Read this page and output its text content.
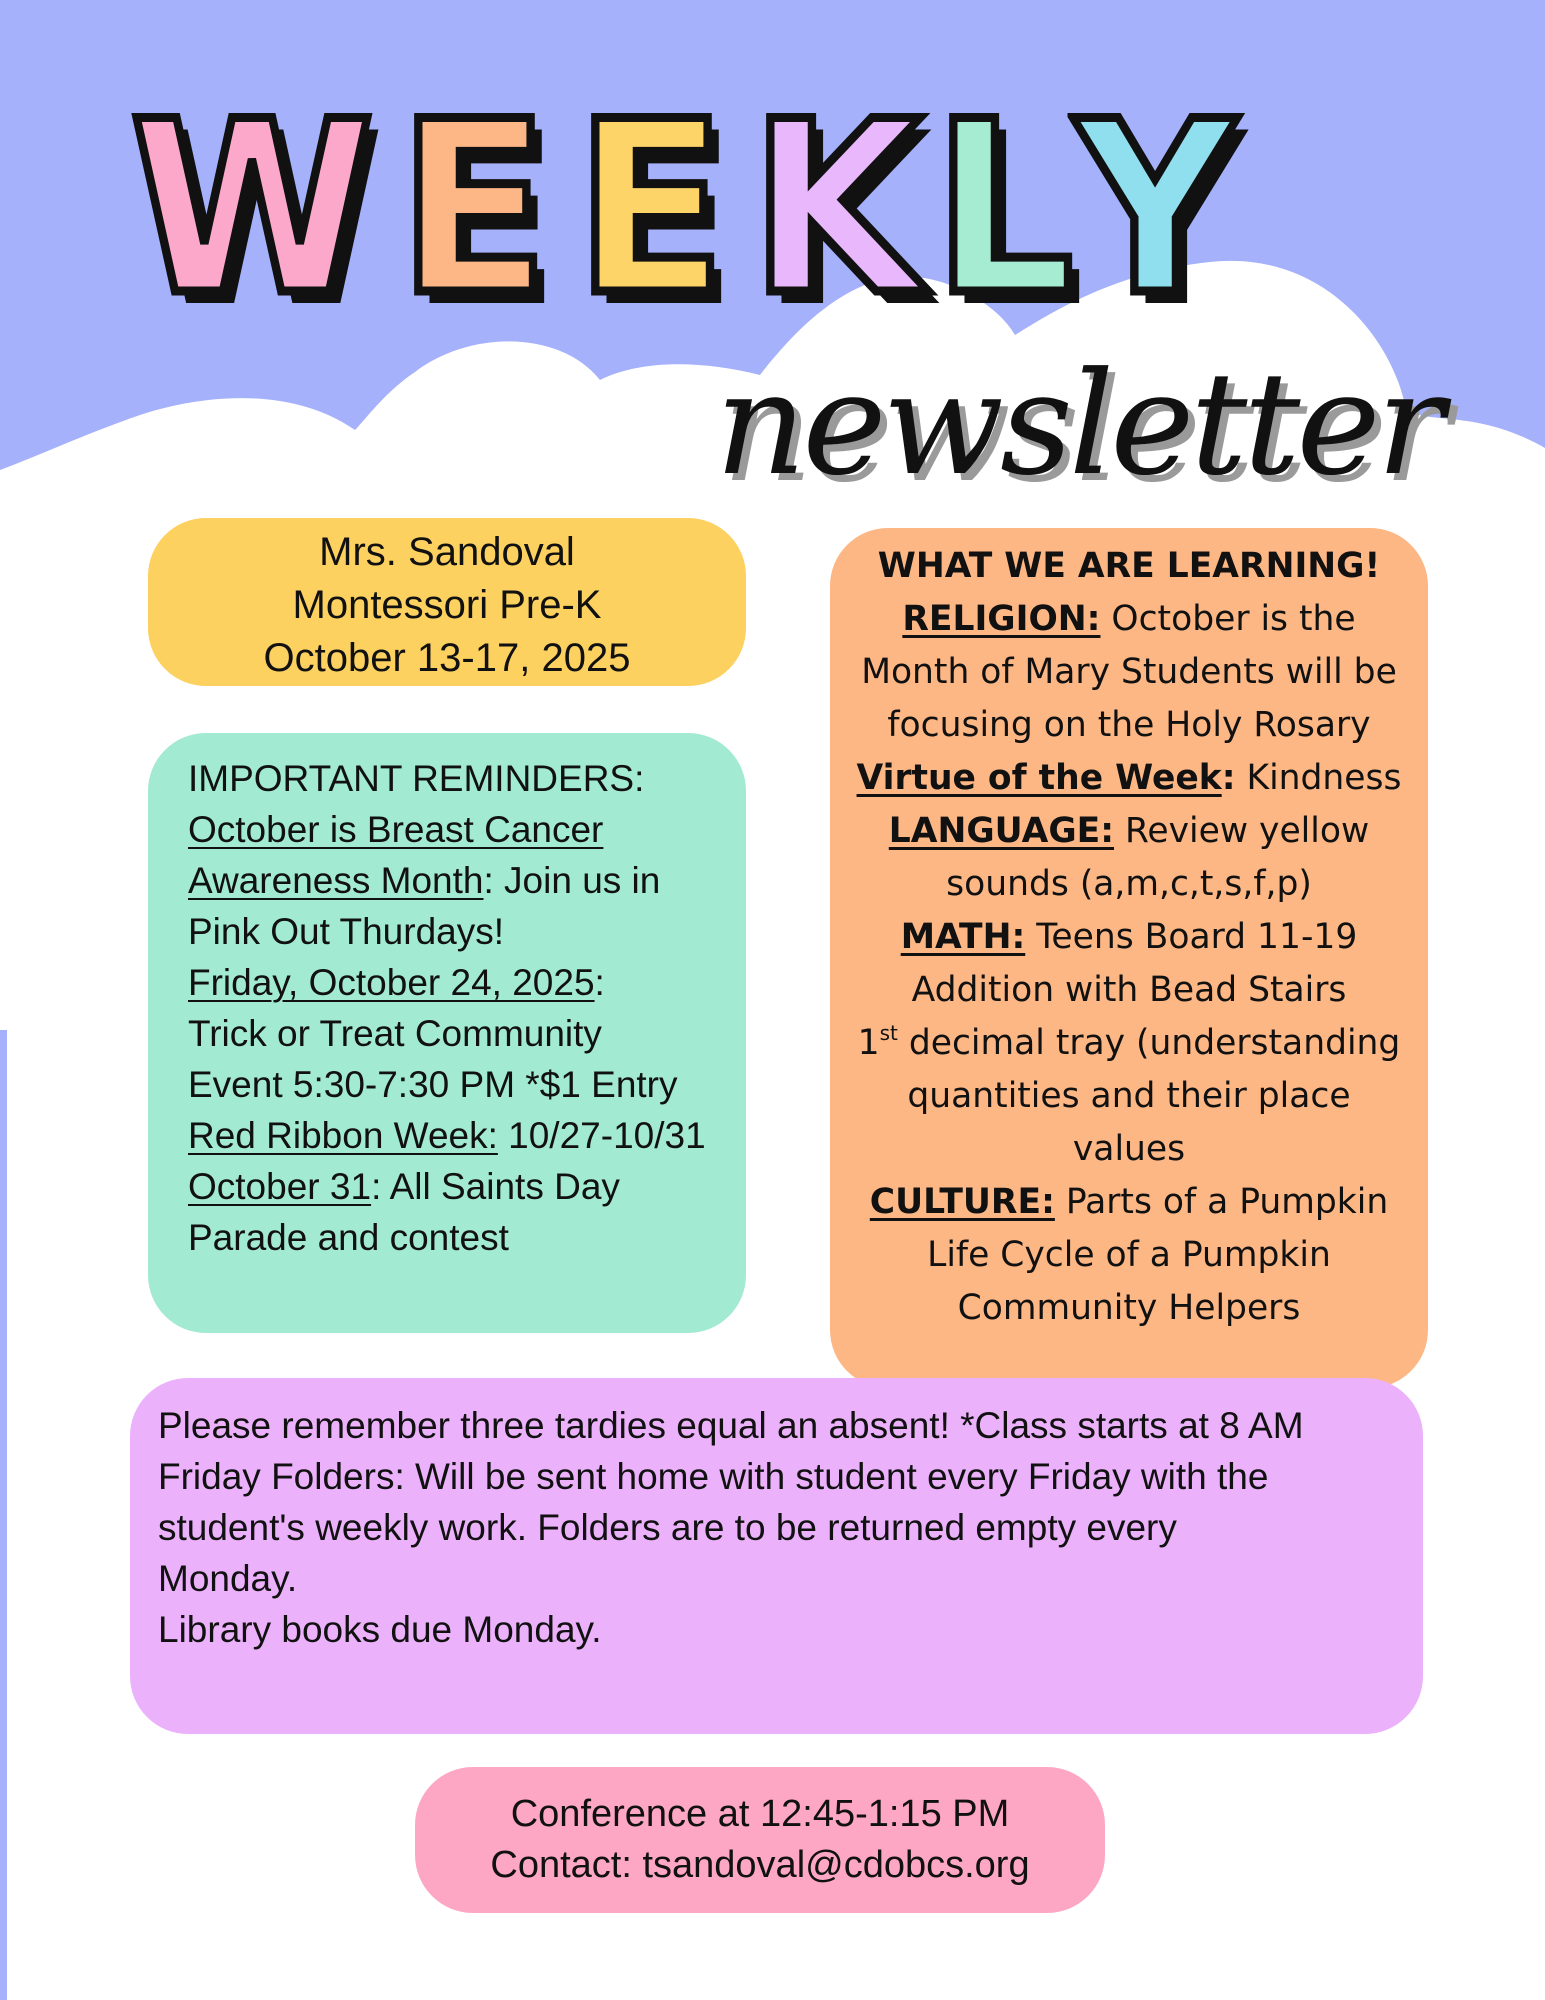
W E E K L Y
newsletter
Mrs. Sandoval
Montessori Pre-K
October 13-17, 2025

IMPORTANT REMINDERS:

October is Breast Cancer

Awareness Month: Join us in

Pink Out Thurdays!

Friday, October 24, 2025:

Trick or Treat Community

Event 5:30-7:30 PM *$1 Entry

Red Ribbon Week: 10/27-10/31

October 31: All Saints Day

Parade and contest

WHAT WE ARE LEARNING!

RELIGION: October is the

Month of Mary Students will be

focusing on the Holy Rosary

Virtue of the Week: Kindness

LANGUAGE: Review yellow

sounds (a,m,c,t,s,f,p)

MATH: Teens Board 11-19

Addition with Bead Stairs

1st decimal tray (understanding

quantities and their place

values

CULTURE: Parts of a Pumpkin

Life Cycle of a Pumpkin

Community Helpers

Please remember three tardies equal an absent! *Class starts at 8 AM

Friday Folders: Will be sent home with student every Friday with the

student's weekly work. Folders are to be returned empty every

Monday.

Library books due Monday.

Conference at 12:45-1:15 PM
Contact: tsandoval@cdobcs.org
